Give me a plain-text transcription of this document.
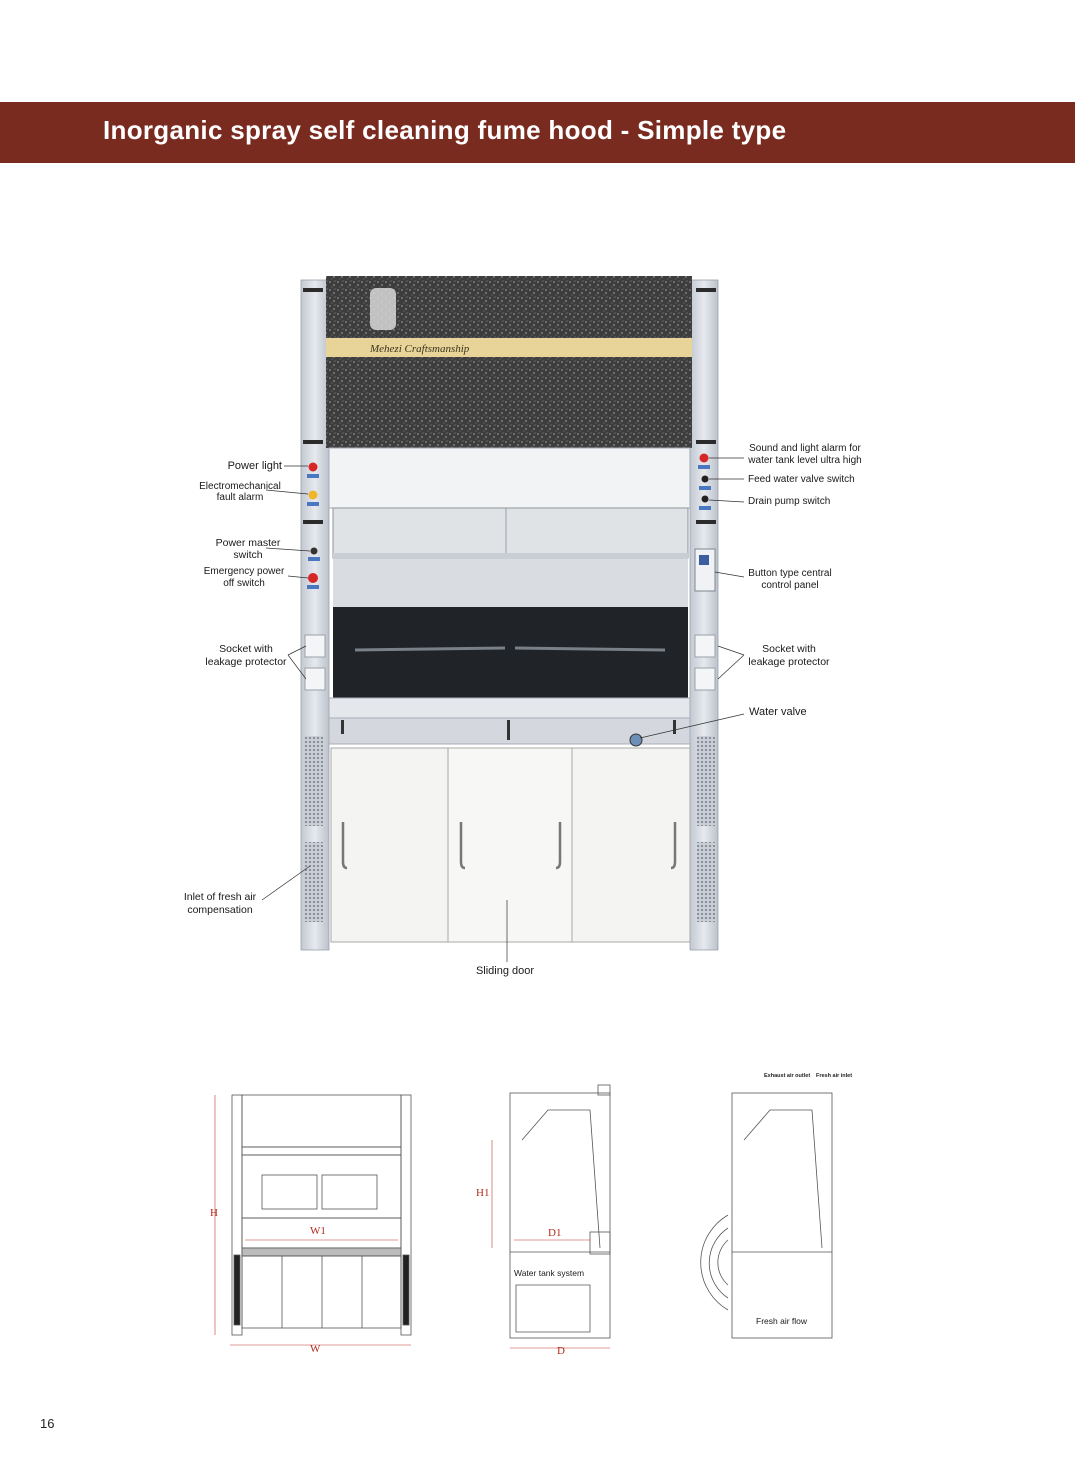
Inorganic spray self cleaning fume hood - Simple type
Mehezi Craftsmanship
Power light
Electromechanical
fault alarm
Power master
switch
Emergency power
off switch
Socket with
leakage protector
Inlet of fresh air
compensation
Sound and light alarm for
water tank level ultra high
Feed water valve switch
Drain pump switch
Button type central
control panel
Socket with
leakage protector
Water valve
Sliding door
H
W1
W
H1
D1
D
Water tank system
Exhaust air outlet Fresh air inlet
Fresh air flow
16
